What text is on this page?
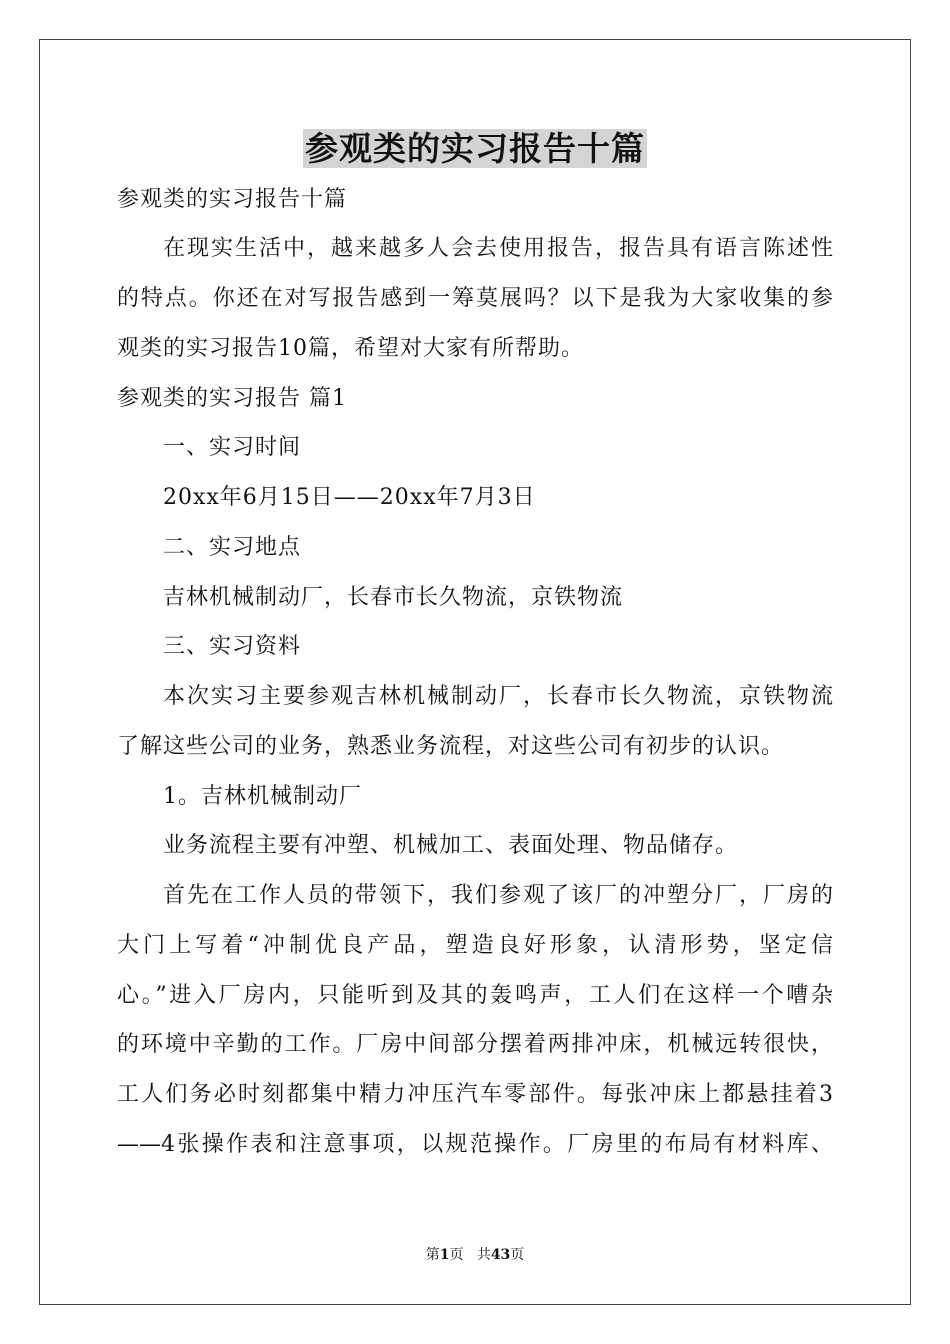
参观类的实习报告十篇
参观类的实习报告十篇
在现实生活中，越来越多人会去使用报告，报告具有语言陈述性
的特点。你还在对写报告感到一筹莫展吗？以下是我为大家收集的参
观类的实习报告10篇，希望对大家有所帮助。
参观类的实习报告 篇1
一、实习时间
20xx年6月15日——20xx年7月3日
二、实习地点
吉林机械制动厂，长春市长久物流，京铁物流
三、实习资料
本次实习主要参观吉林机械制动厂，长春市长久物流，京铁物流
了解这些公司的业务，熟悉业务流程，对这些公司有初步的认识。
1。吉林机械制动厂
业务流程主要有冲塑、机械加工、表面处理、物品储存。
首先在工作人员的带领下，我们参观了该厂的冲塑分厂，厂房的
大门上写着“冲制优良产品，塑造良好形象，认清形势，坚定信
心。”进入厂房内，只能听到及其的轰鸣声，工人们在这样一个嘈杂
的环境中辛勤的工作。厂房中间部分摆着两排冲床，机械远转很快，
工人们务必时刻都集中精力冲压汽车零部件。每张冲床上都悬挂着3
——4张操作表和注意事项，以规范操作。厂房里的布局有材料库、
第1页 共43页
